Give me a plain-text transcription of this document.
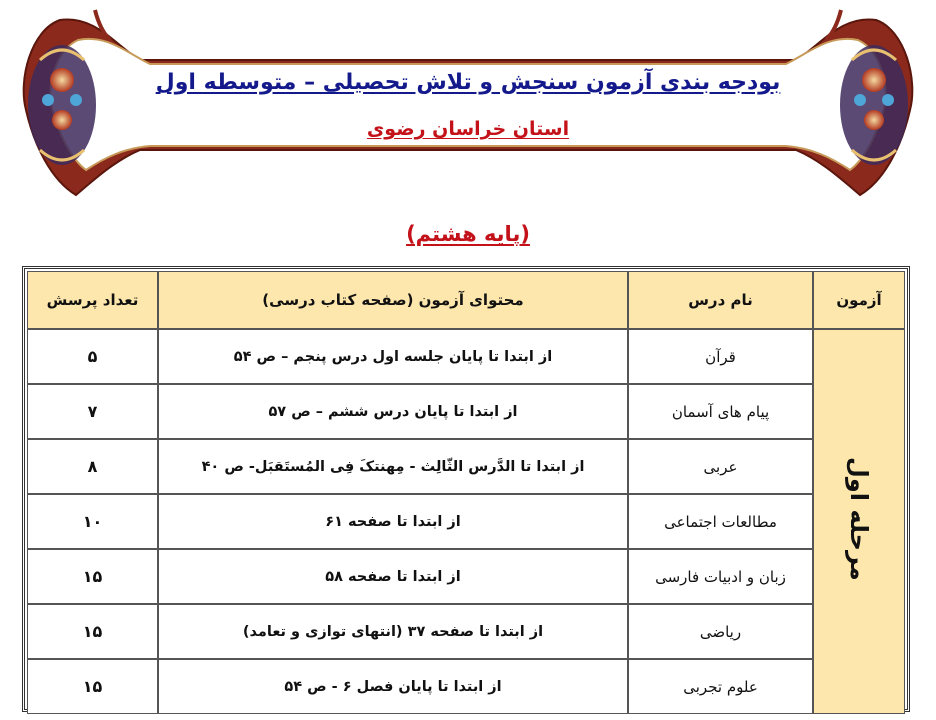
بودجه بندی آزمون سنجش و تلاش تحصیلی – متوسطه اول
استان خراسان رضوی
(پایه هشتم)
آزمون	نام درس	محتوای آزمون (صفحه کتاب درسی)	تعداد پرسش
مرحله اول	قرآن	از ابتدا تا پایان جلسه اول درس پنجم – ص ۵۴	۵
	پیام های آسمان	از ابتدا تا پایان درس ششم – ص ۵۷	۷
	عربی	از ابتدا تا الدَّرس الثّالِث - مِهنتکَ فِی المُستَقبَل- ص ۴۰	۸
	مطالعات اجتماعی	از ابتدا تا صفحه ۶۱	۱۰
	زبان و ادبیات فارسی	از ابتدا تا صفحه ۵۸	۱۵
	ریاضی	از ابتدا تا صفحه ۳۷ (انتهای توازی و تعامد)	۱۵
	علوم تجربی	از ابتدا تا پایان فصل ۶ - ص ۵۴	۱۵
